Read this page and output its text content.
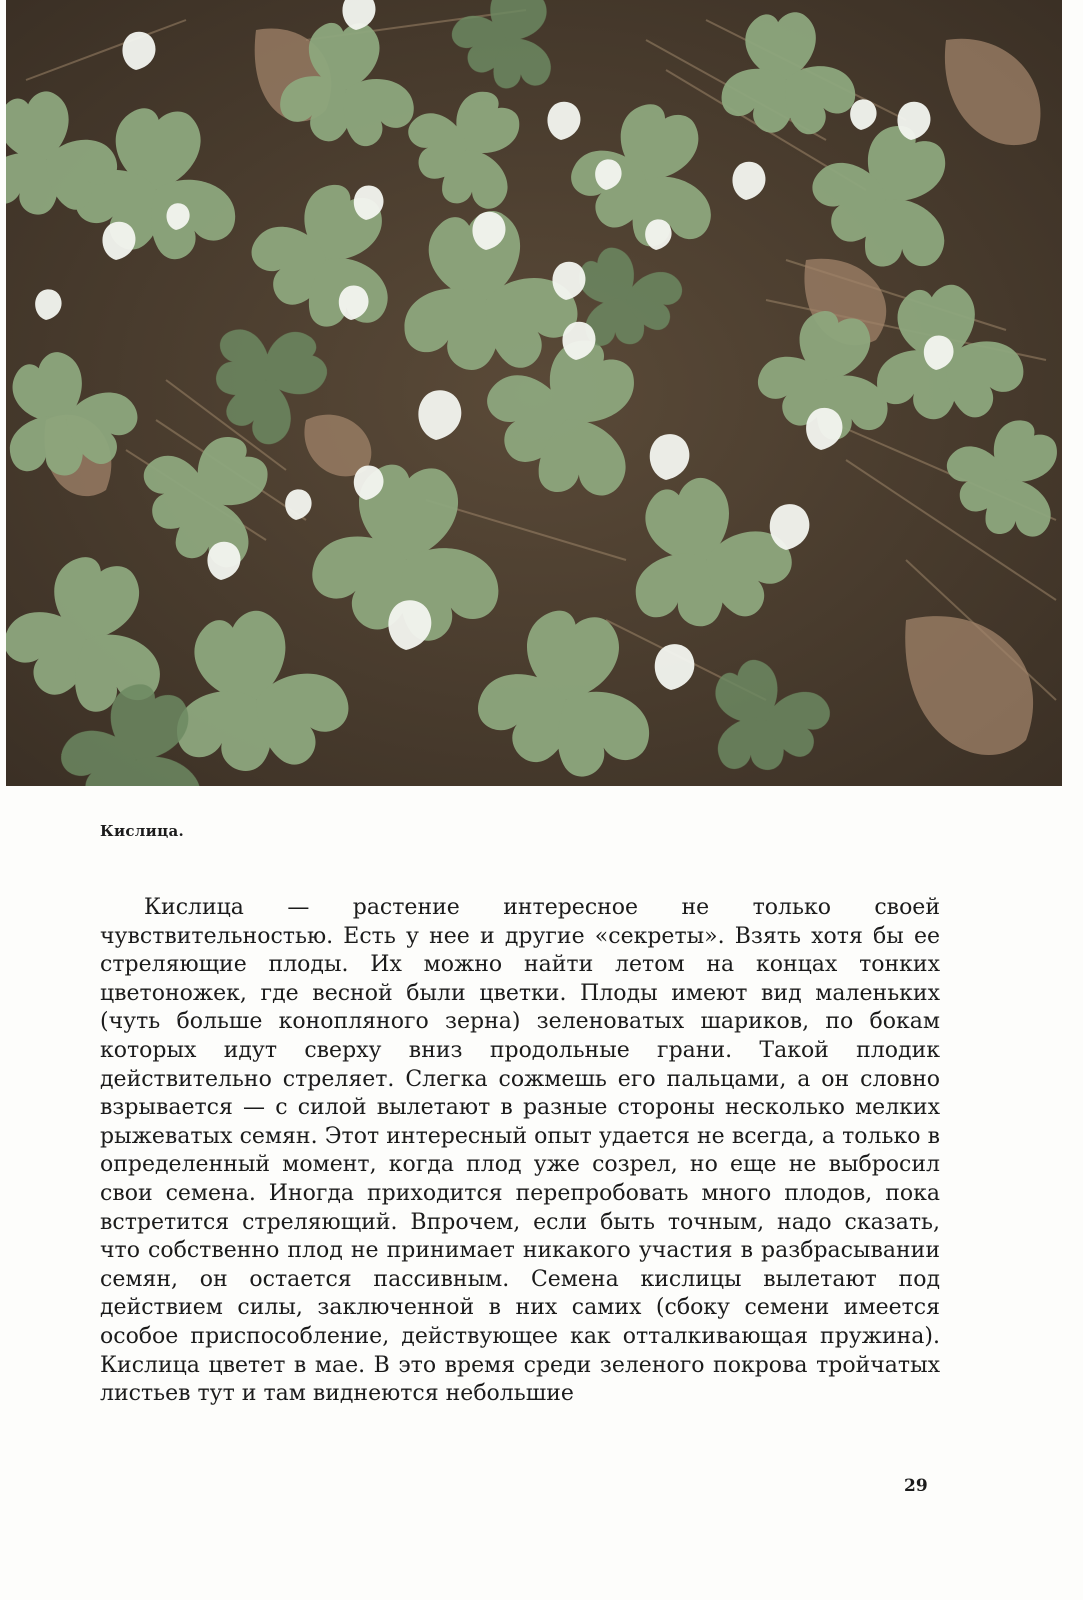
Кислица.

Кислица — растение интересное не только своей чувствительностью. Есть у нее и другие «секреты». Взять хотя бы ее стреляющие плоды. Их можно найти летом на концах тонких цветоножек, где весной были цветки. Плоды имеют вид маленьких (чуть больше конопляного зерна) зеленоватых шариков, по бокам которых идут сверху вниз продольные грани. Такой плодик действительно стреляет. Слегка сожмешь его пальцами, а он словно взрывается — с силой вылетают в разные стороны несколько мелких рыжеватых семян. Этот интересный опыт удается не всегда, а только в определенный момент, когда плод уже созрел, но еще не выбросил свои семена. Иногда приходится перепробовать много плодов, пока встретится стреляющий. Впрочем, если быть точным, надо сказать, что собственно плод не принимает никакого участия в разбрасывании семян, он остается пассивным. Семена кислицы вылетают под действием силы, заключенной в них самих (сбоку семени имеется особое приспособление, действующее как отталкивающая пружина). Кислица цветет в мае. В это время среди зеленого покрова тройчатых листьев тут и там виднеются небольшие

29
